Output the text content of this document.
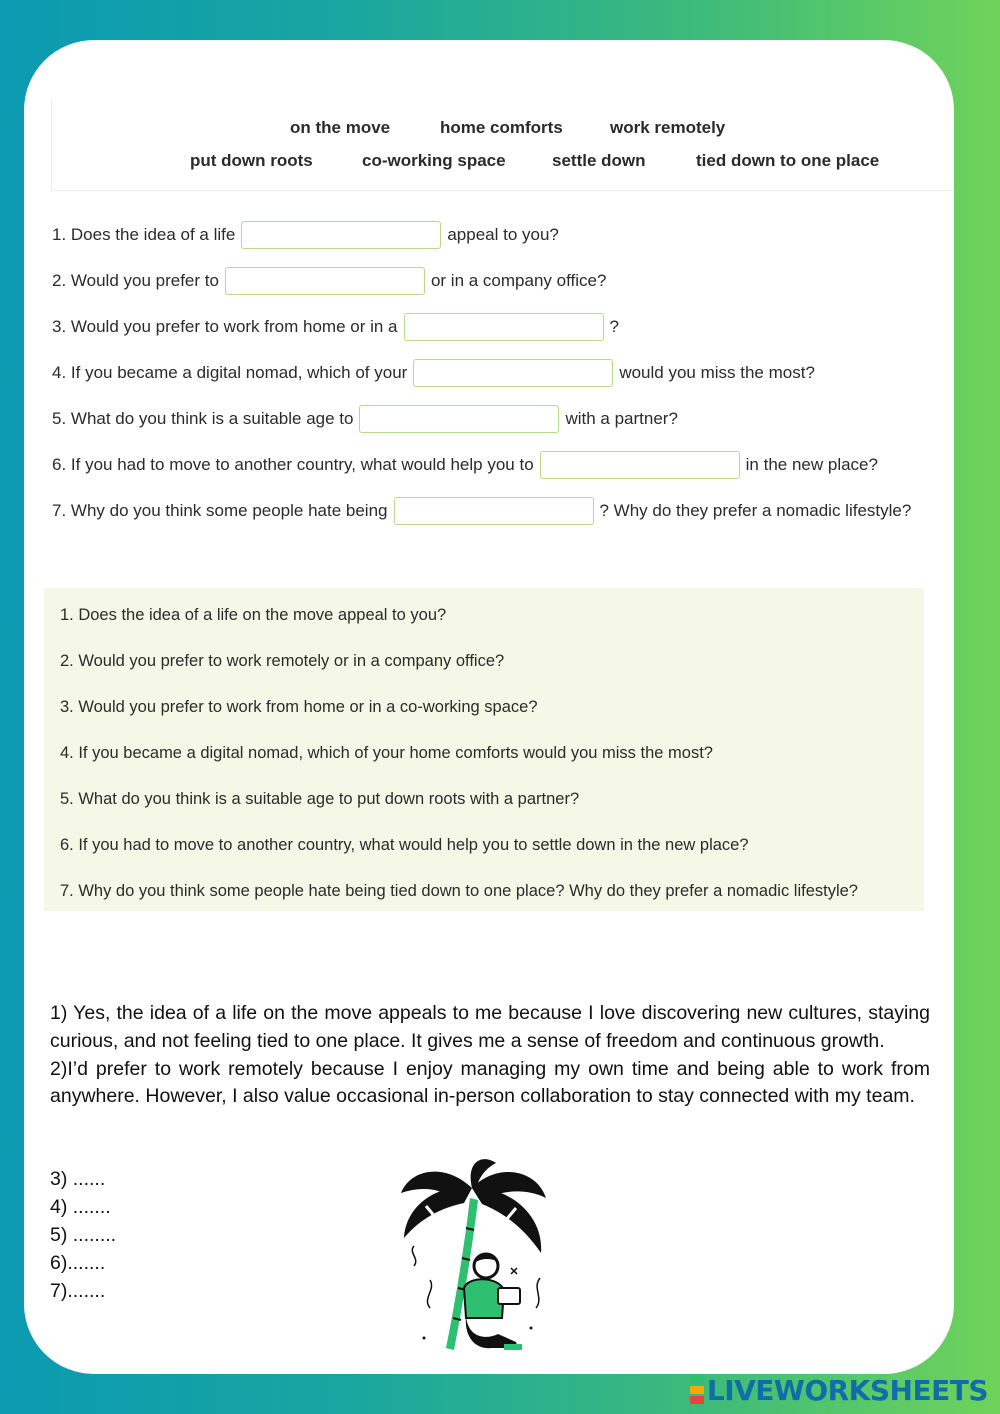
on the move	home comforts	work remotely
put down roots	co-working space	settle down	tied down to one place
1. Does the idea of a life	appeal to you?
2. Would you prefer to	or in a company office?
3. Would you prefer to work from home or in a	?
4. If you became a digital nomad, which of your	would you miss the most?
5. What do you think is a suitable age to	with a partner?
6. If you had to move to another country, what would help you to	in the new place?
7. Why do you think some people hate being	? Why do they prefer a nomadic lifestyle?
1. Does the idea of a life on the move appeal to you?
2. Would you prefer to work remotely or in a company office?
3. Would you prefer to work from home or in a co-working space?
4. If you became a digital nomad, which of your home comforts would you miss the most?
5. What do you think is a suitable age to put down roots with a partner?
6. If you had to move to another country, what would help you to settle down in the new place?
7. Why do you think some people hate being tied down to one place? Why do they prefer a nomadic lifestyle?

1) Yes, the idea of a life on the move appeals to me because I love discovering new cultures, staying curious, and not feeling tied to one place. It gives me a sense of freedom and continuous growth.

2)I’d prefer to work remotely because I enjoy managing my own time and being able to work from anywhere. However, I also value occasional in-person collaboration to stay connected with my team.

3) ......
4) .......
5) ........
6).......
7).......
LIVEWORKSHEETS
